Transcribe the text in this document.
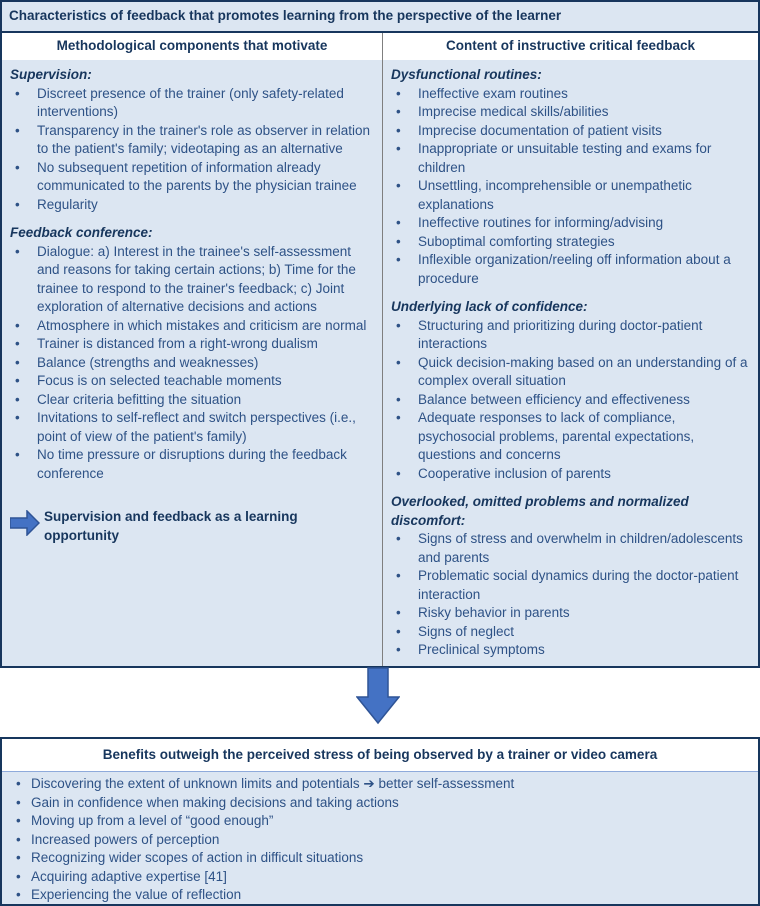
Characteristics of feedback that promotes learning from the perspective of the learner
Methodological components that motivate	Content of instructive critical feedback
Supervision:
• Discreet presence of the trainer (only safety-related interventions)
• Transparency in the trainer's role as observer in relation to the patient's family; videotaping as an alternative
• No subsequent repetition of information already communicated to the parents by the physician trainee
• Regularity
Feedback conference:
• Dialogue: a) Interest in the trainee's self-assessment and reasons for taking certain actions; b) Time for the trainee to respond to the trainer's feedback; c) Joint exploration of alternative decisions and actions
• Atmosphere in which mistakes and criticism are normal
• Trainer is distanced from a right-wrong dualism
• Balance (strengths and weaknesses)
• Focus is on selected teachable moments
• Clear criteria befitting the situation
• Invitations to self-reflect and switch perspectives (i.e., point of view of the patient's family)
• No time pressure or disruptions during the feedback conference
Supervision and feedback as a learning opportunity
Dysfunctional routines:
• Ineffective exam routines
• Imprecise medical skills/abilities
• Imprecise documentation of patient visits
• Inappropriate or unsuitable testing and exams for children
• Unsettling, incomprehensible or unempathetic explanations
• Ineffective routines for informing/advising
• Suboptimal comforting strategies
• Inflexible organization/reeling off information about a procedure
Underlying lack of confidence:
• Structuring and prioritizing during doctor-patient interactions
• Quick decision-making based on an understanding of a complex overall situation
• Balance between efficiency and effectiveness
• Adequate responses to lack of compliance, psychosocial problems, parental expectations, questions and concerns
• Cooperative inclusion of parents
Overlooked, omitted problems and normalized discomfort:
• Signs of stress and overwhelm in children/adolescents and parents
• Problematic social dynamics during the doctor-patient interaction
• Risky behavior in parents
• Signs of neglect
• Preclinical symptoms
Benefits outweigh the perceived stress of being observed by a trainer or video camera
• Discovering the extent of unknown limits and potentials ➔ better self-assessment
• Gain in confidence when making decisions and taking actions
• Moving up from a level of “good enough”
• Increased powers of perception
• Recognizing wider scopes of action in difficult situations
• Acquiring adaptive expertise [41]
• Experiencing the value of reflection
